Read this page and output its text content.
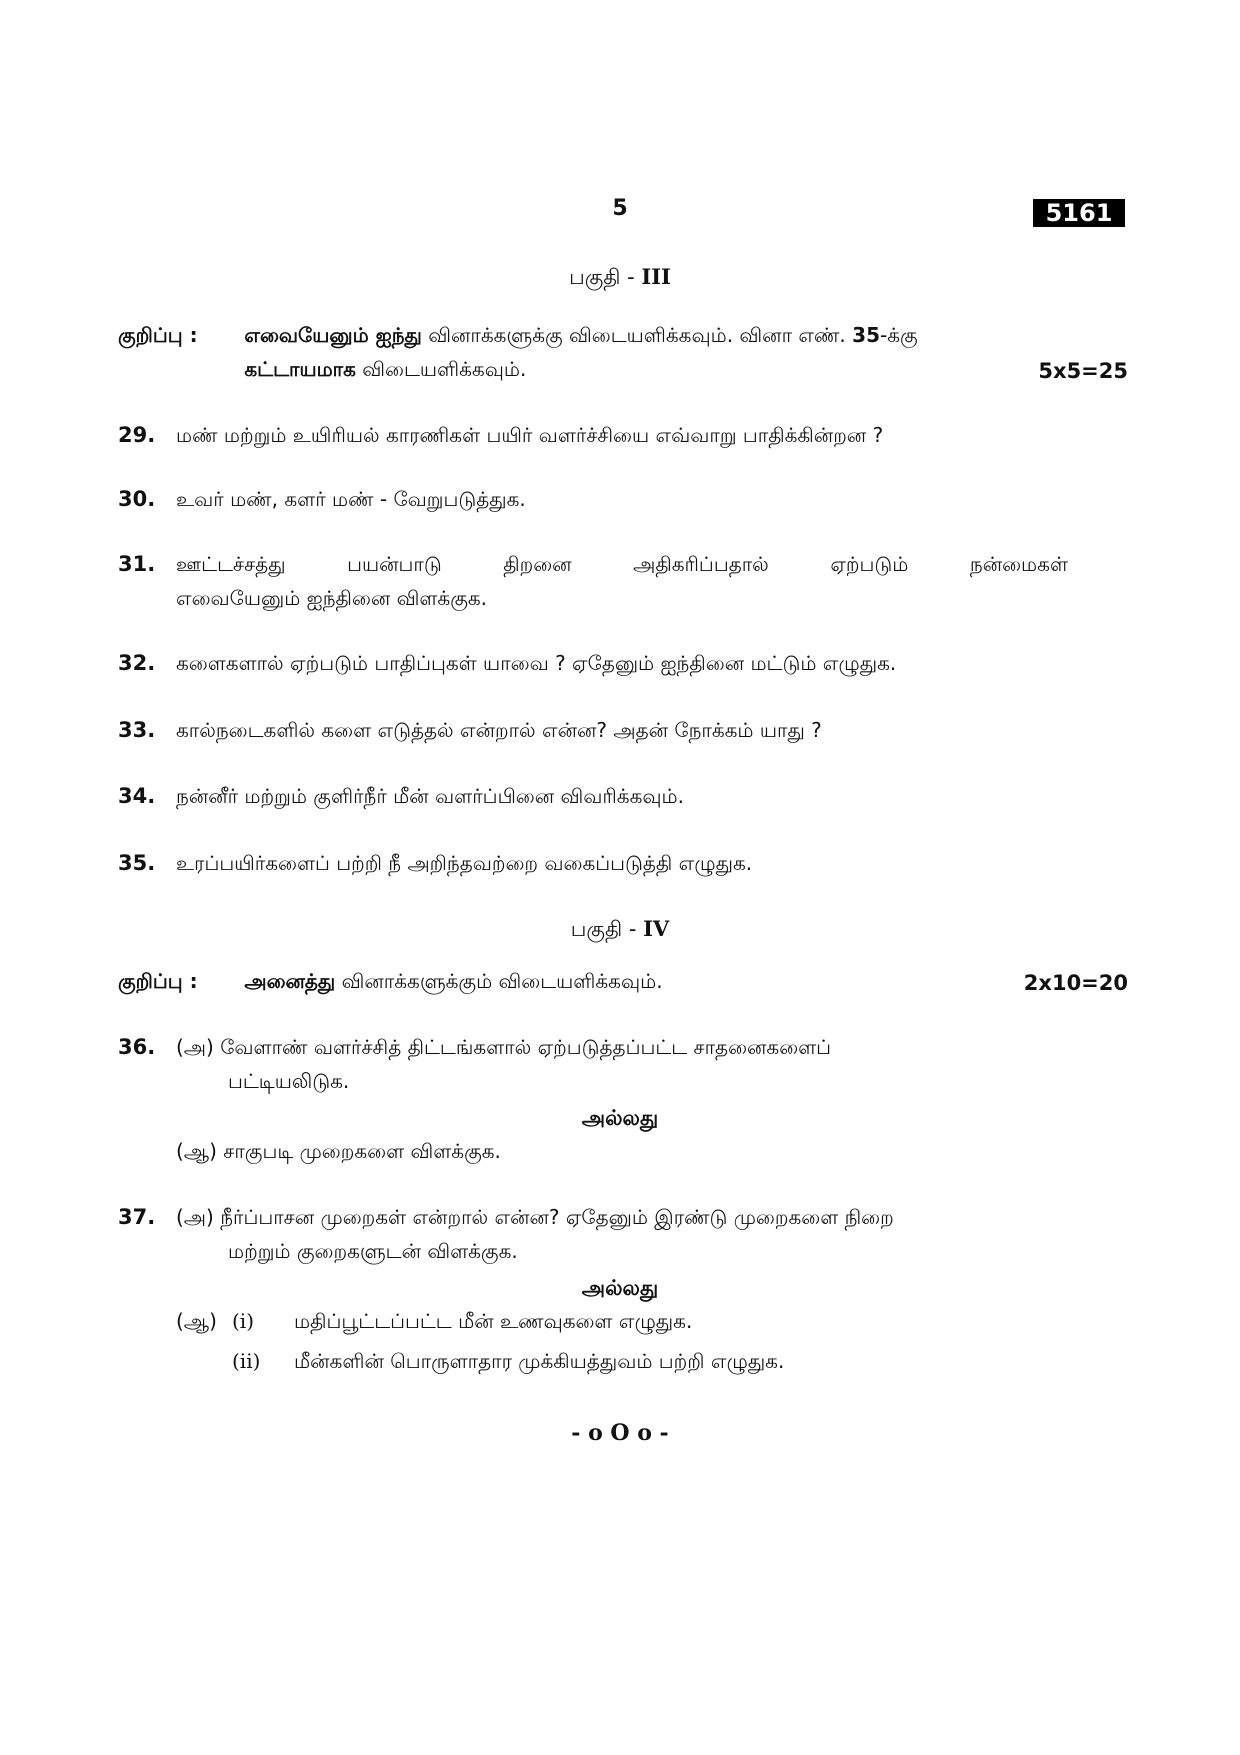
5	5161
பகுதி - III
குறிப்பு : எவையேனும் ஐந்து வினாக்களுக்கு விடையளிக்கவும். வினா எண். 35-க்கு
கட்டாயமாக விடையளிக்கவும்.	5x5=25
29. மண் மற்றும் உயிரியல் காரணிகள் பயிர் வளர்ச்சியை எவ்வாறு பாதிக்கின்றன ?
30. உவர் மண், களர் மண் - வேறுபடுத்துக.
31. ஊட்டச்சத்து பயன்பாடு திறனை அதிகரிப்பதால் ஏற்படும் நன்மைகள்
எவையேனும் ஐந்தினை விளக்குக.
32. களைகளால் ஏற்படும் பாதிப்புகள் யாவை ? ஏதேனும் ஐந்தினை மட்டும் எழுதுக.
33. கால்நடைகளில் களை எடுத்தல் என்றால் என்ன? அதன் நோக்கம் யாது ?
34. நன்னீர் மற்றும் குளிர்நீர் மீன் வளர்ப்பினை விவரிக்கவும்.
35. உரப்பயிர்களைப் பற்றி நீ அறிந்தவற்றை வகைப்படுத்தி எழுதுக.
பகுதி - IV
குறிப்பு : அனைத்து வினாக்களுக்கும் விடையளிக்கவும்.	2x10=20
36. (அ) வேளாண் வளர்ச்சித் திட்டங்களால் ஏற்படுத்தப்பட்ட சாதனைகளைப்
பட்டியலிடுக.
அல்லது
(ஆ) சாகுபடி முறைகளை விளக்குக.
37. (அ) நீர்ப்பாசன முறைகள் என்றால் என்ன? ஏதேனும் இரண்டு முறைகளை நிறை
மற்றும் குறைகளுடன் விளக்குக.
அல்லது
(ஆ) (i) மதிப்பூட்டப்பட்ட மீன் உணவுகளை எழுதுக.
(ii) மீன்களின் பொருளாதார முக்கியத்துவம் பற்றி எழுதுக.
- o O o -
